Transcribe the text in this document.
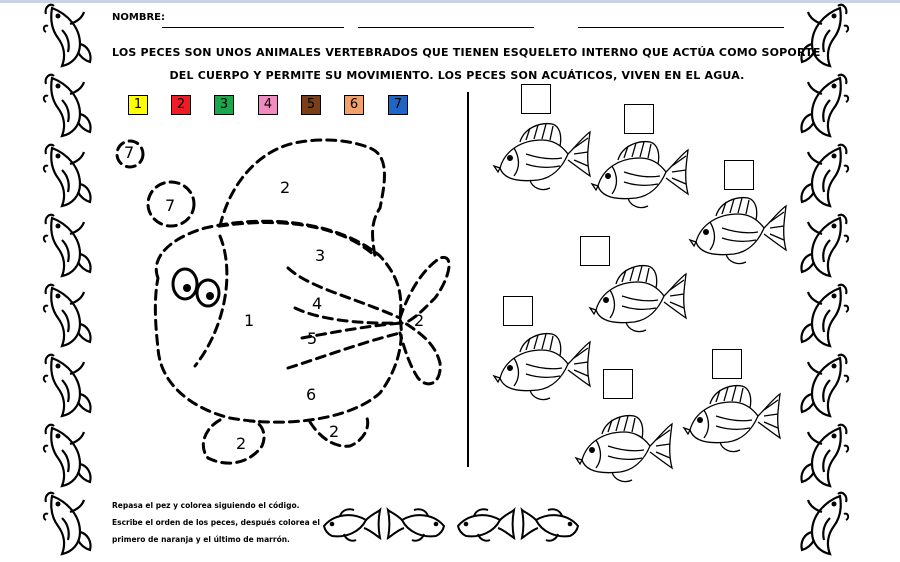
NOMBRE:
LOS PECES SON UNOS ANIMALES VERTEBRADOS QUE TIENEN ESQUELETO INTERNO QUE ACTÚA COMO SOPORTE
DEL CUERPO Y PERMITE SU MOVIMIENTO. LOS PECES SON ACUÁTICOS, VIVEN EN EL AGUA.
1	2	3	4	5	6	7
7
7
2
1
3
4
5
6
2
2
2
Repasa el pez y colorea siguiendo el código.
Escribe el orden de los peces, después colorea el
primero de naranja y el último de marrón.
